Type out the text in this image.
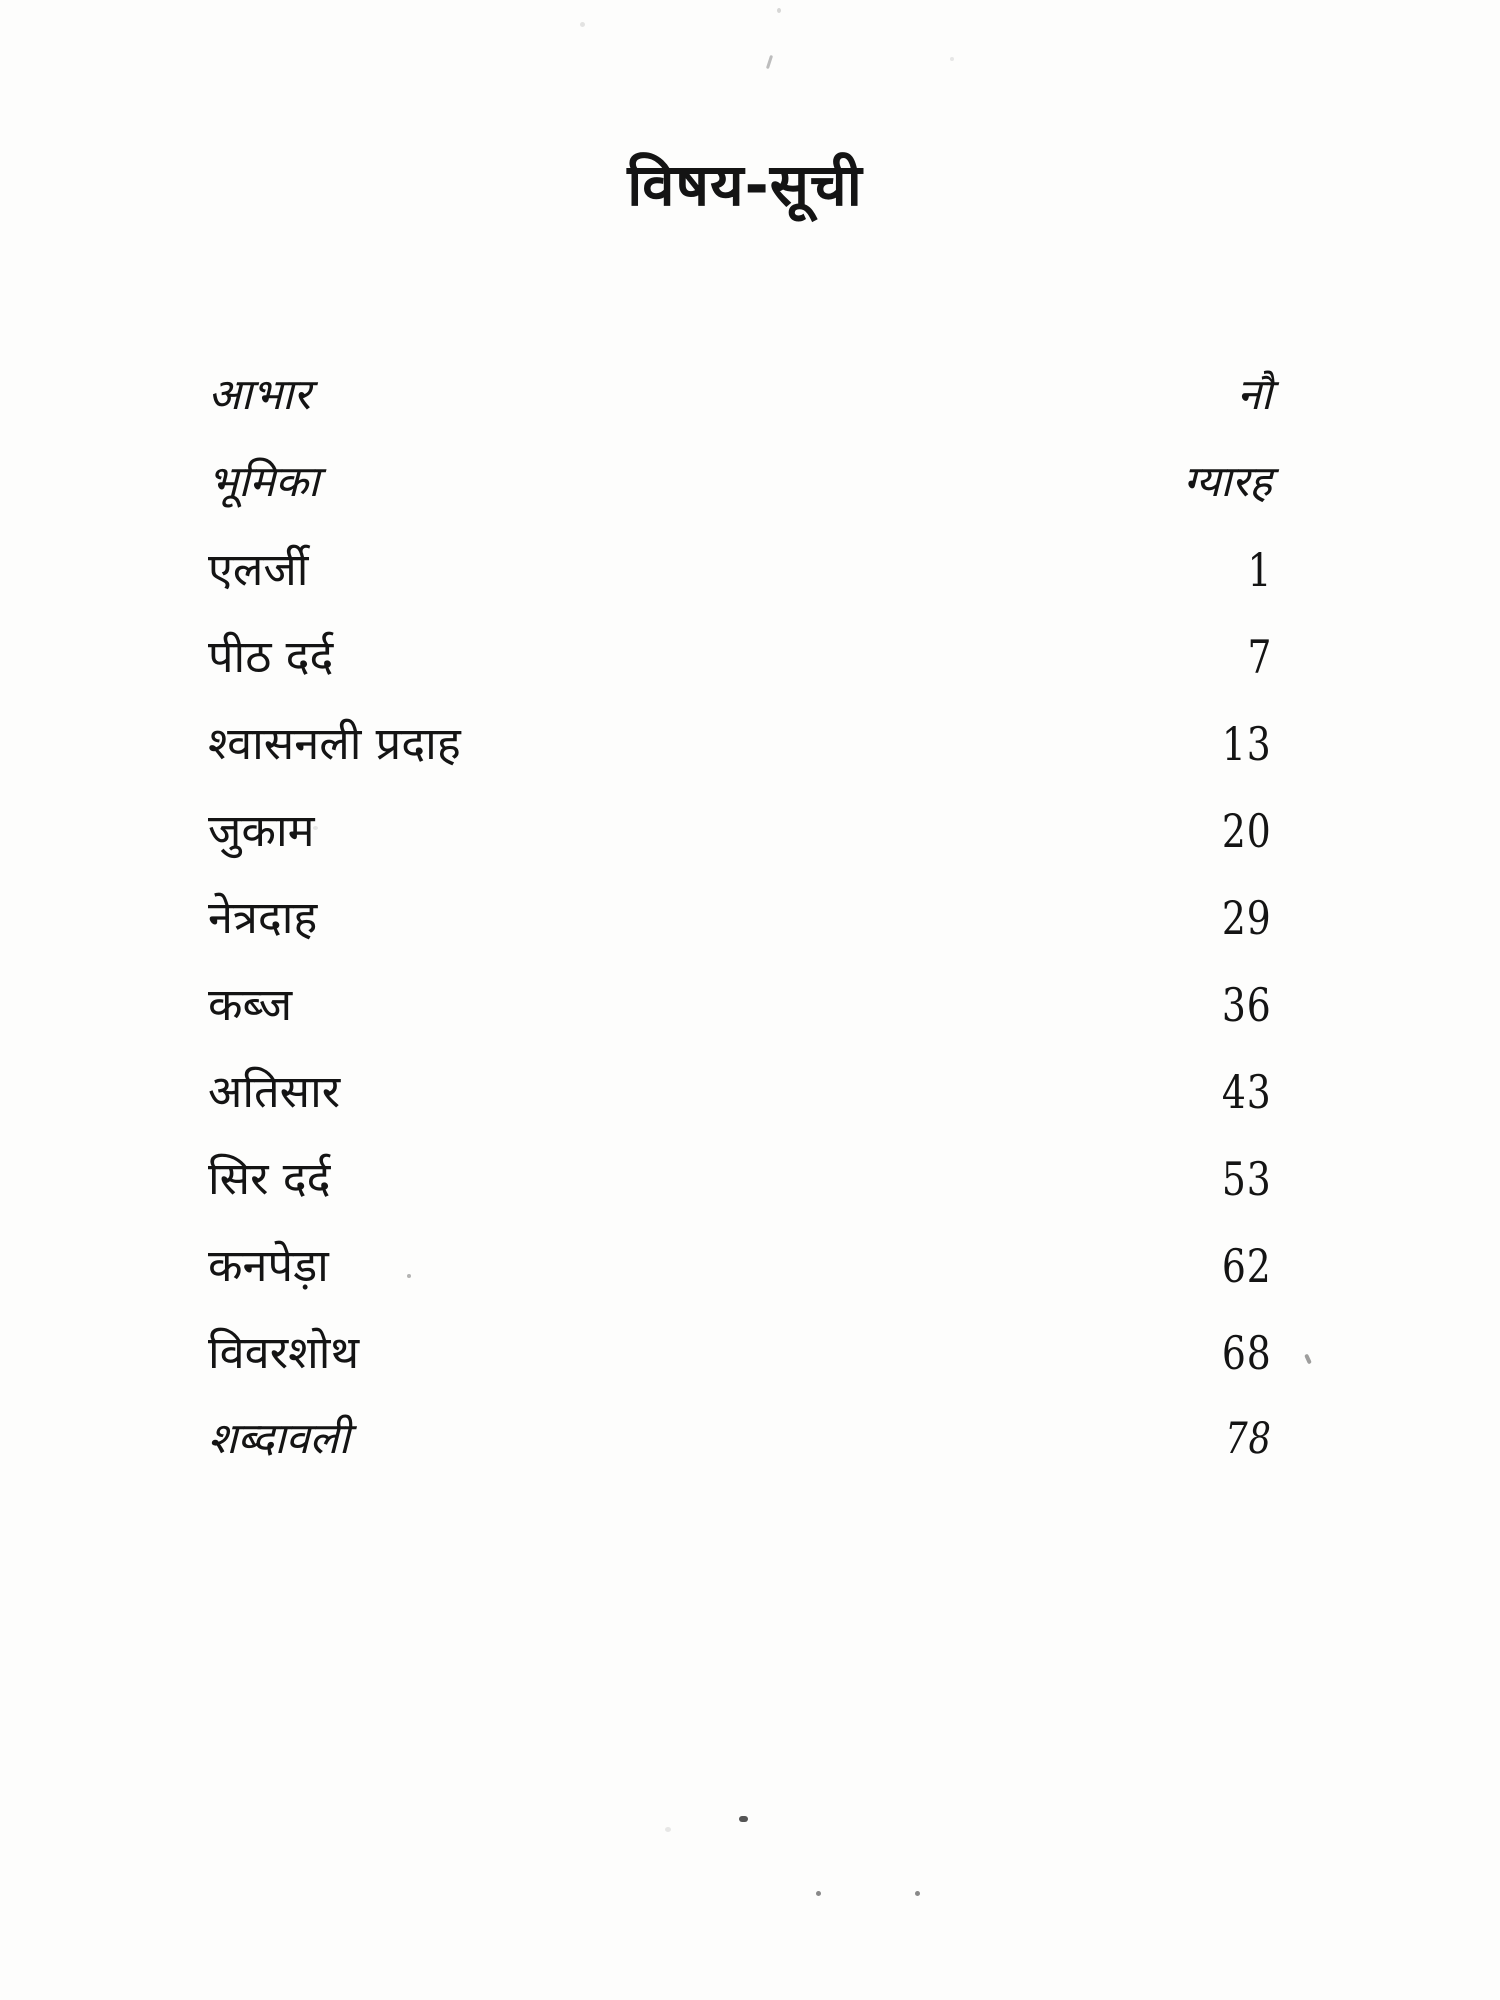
विषय-सूची
आभार	नौ
भूमिका	ग्यारह
एलर्जी	1
पीठ दर्द	7
श्वासनली प्रदाह	13
जुकाम	20
नेत्रदाह	29
कब्ज	36
अतिसार	43
सिर दर्द	53
कनपेड़ा	62
विवरशोथ	68
शब्दावली	78
